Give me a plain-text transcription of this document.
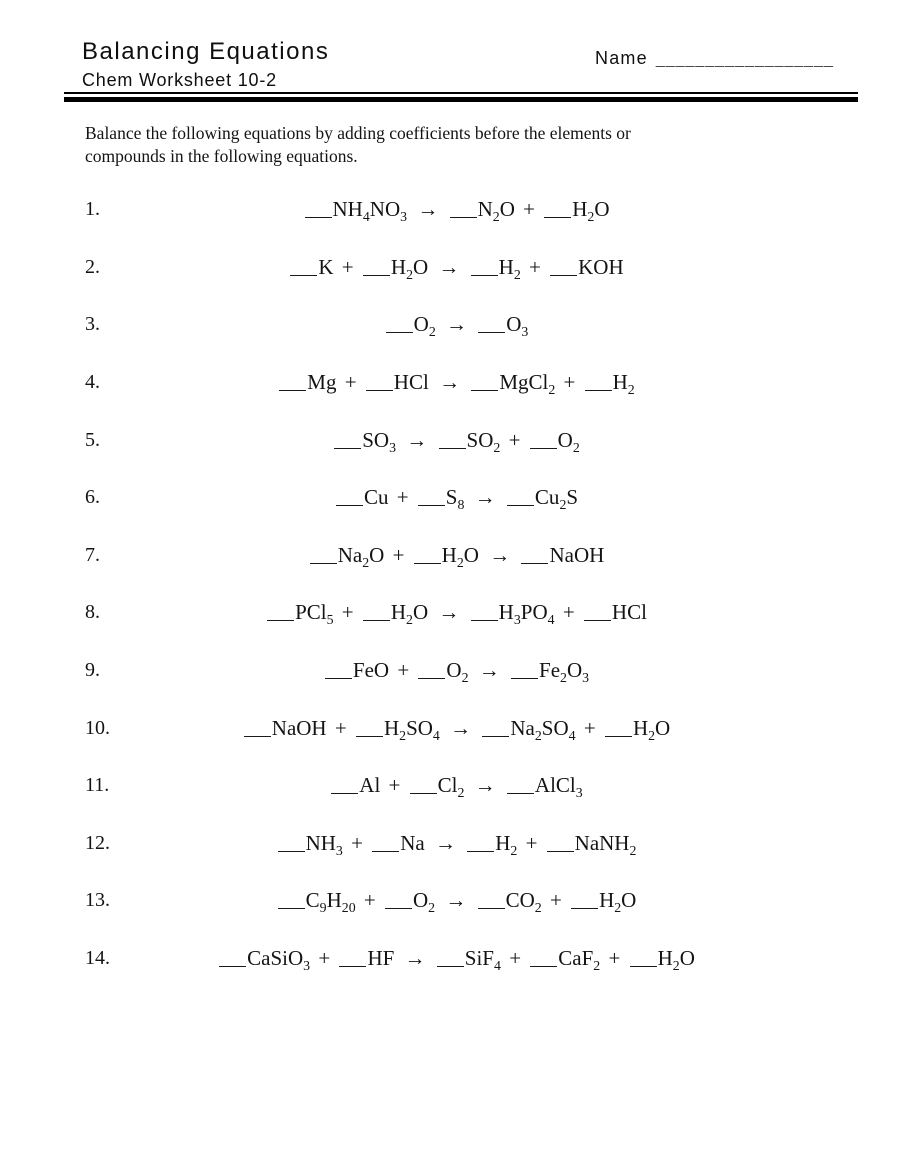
Balancing Equations
Chem Worksheet 10-2
Name __________________
Balance the following equations by adding coefficients before the elements or
compounds in the following equations.
1.	$NH_4NO_3 \to N_2O + H_2O$
2.	$K + H_2O \to H_2$ + KOH
3.	$O_2 \to O_3$
4.	Mg + HCl → MgCl$_2$ + $H_2$
5.	$SO_3 \to SO_2 + O_2$
6.	$Cu + S_8 \to Cu_2S$
7.	$Na_2O + H_2O$ → NaOH
8.	$PCl_5 + H_2O \to H_3PO_4$ + HCl
9.	FeO + $O_2 \to Fe_2O_3$
10.	NaOH + $H_2SO_4 \to Na_2SO_4 + H_2O$
11.	$Al + Cl_2$ → AlCl$_3$
12.	$NH_3 + Na \to H_2$ + NaNH$_2$
13.	$C_9H_{20} + O_2 \to CO_2 + H_2O$
14.	CaSiO$_3$ + HF → $SiF_4 + CaF_2 + H_2O$
